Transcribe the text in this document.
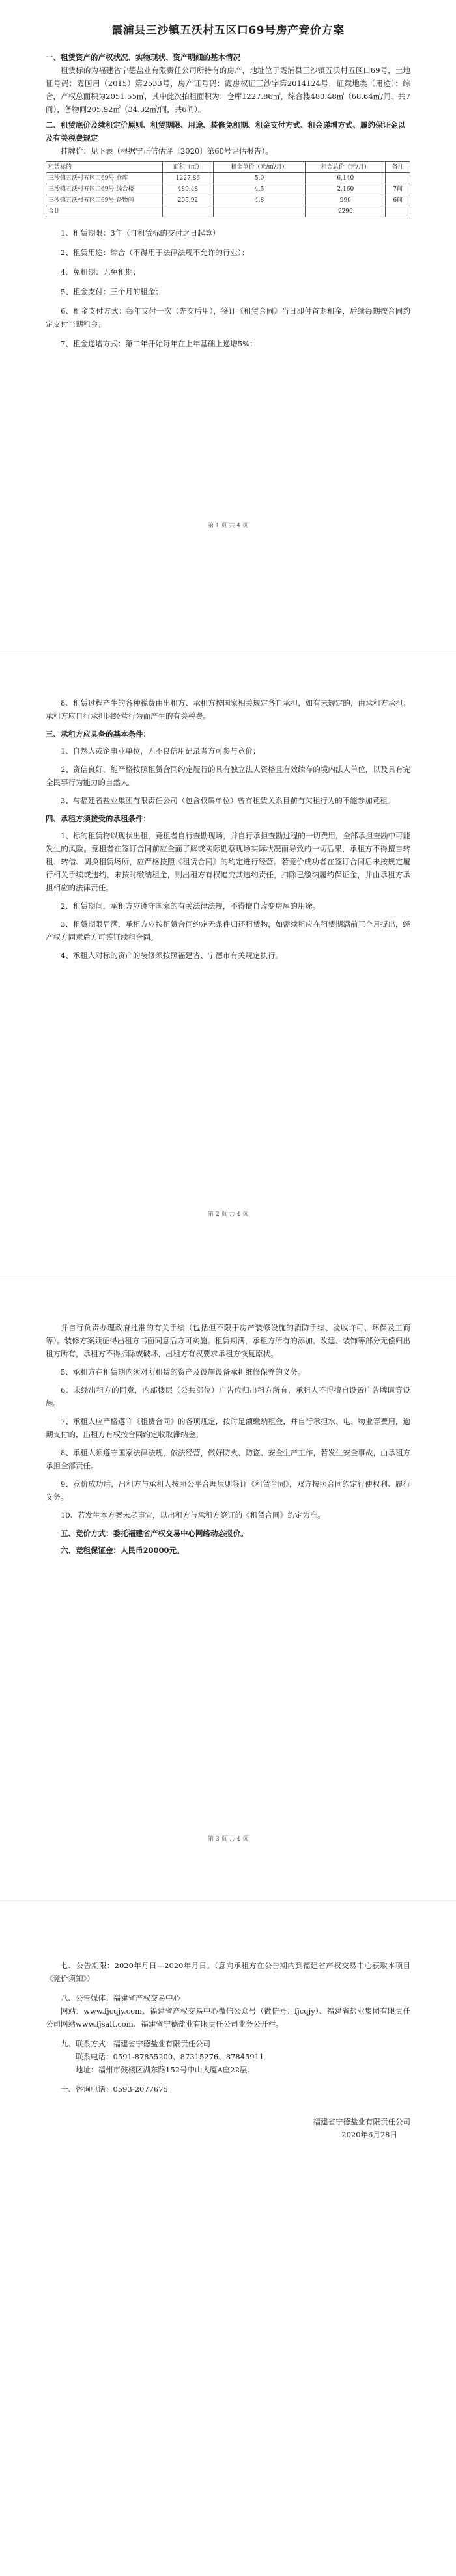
霞浦县三沙镇五沃村五区口69号房产竞价方案
一、租赁资产的产权状况、实物现状、资产明细的基本情况

租赁标的为福建省宁德盐业有限责任公司所持有的房产，地址位于霞浦县三沙镇五沃村五区口69号，土地证号码：霞国用（2015）第2533号，房产证号码：霞房权证三沙字第2014124号，证载地类（用途）：综合，产权总面积为2051.55㎡，其中此次拍租面积为：仓库1227.86㎡，综合楼480.48㎡（68.64㎡/间，共7间），备物间205.92㎡（34.32㎡/间，共6间）。

二、租赁底价及续租定价原则、租赁期限、用途、装修免租期、租金支付方式、租金递增方式、履约保证金以及有关税费规定

挂牌价：见下表（根据宁正信估评〔2020〕第60号评估报告）。

租赁标的	面积（㎡）	租金单价（元/㎡/月）	租金总价（元/月）	备注
三沙镇五沃村五区口69号-仓库	1227.86	5.0	6,140	
三沙镇五沃村五区口69号-综合楼	480.48	4.5	2,160	7间
三沙镇五沃村五区口69号-备物间	205.92	4.8	990	6间
合计			9290	

1、租赁期限：3年（自租赁标的交付之日起算）

2、租赁用途：综合（不得用于法律法规不允许的行业）；

4、免租期：无免租期；

5、租金支付：三个月的租金；

6、租金支付方式：每年支付一次（先交后用），签订《租赁合同》当日即付首期租金，后续每期按合同约定支付当期租金；

7、租金递增方式：第二年开始每年在上年基础上递增5%；

第 1 页 共 4 页

8、租赁过程产生的各种税费由出租方、承租方按国家相关规定各自承担，如有未规定的，由承租方承担；承租方应自行承担因经营行为而产生的有关税费。

三、承租方应具备的基本条件：

1、自然人或企事业单位，无不良信用记录者方可参与竞价；

2、资信良好，能严格按照租赁合同约定履行的具有独立法人资格且有效续存的境内法人单位，以及具有完全民事行为能力的自然人。

3、与福建省盐业集团有限责任公司（包含权属单位）曾有租赁关系目前有欠租行为的不能参加竞租。

四、承租方须接受的承租条件：

1、标的租赁物以现状出租，竞租者自行查勘现场，并自行承担查勘过程的一切费用，全部承担查勘中可能发生的风险。竞租者在签订合同前应全面了解或实际勘察现场实际状况而导致的一切后果，承租方不得擅自转租、转借、调换租赁场所，应严格按照《租赁合同》的约定进行经营。若竞价成功者在签订合同后未按规定履行相关手续或违约、未按时缴纳租金，则出租方有权追究其违约责任，扣除已缴纳履约保证金，并由承租方承担相应的法律责任。

2、租赁期间，承租方应遵守国家的有关法律法规，不得擅自改变房屋的用途。

3、租赁期限届满，承租方应按租赁合同约定无条件归还租赁物，如需续租应在租赁期满前三个月提出，经产权方同意后方可签订续租合同。

4、承租人对标的资产的装修须按照福建省、宁德市有关规定执行。

第 2 页 共 4 页

并自行负责办理政府批准的有关手续（包括但不限于房产装修设施的消防手续、验收许可、环保及工商等）。装修方案须征得出租方书面同意后方可实施。租赁期满，承租方所有的添加、改建、装饰等部分无偿归出租方所有，承租方不得拆除或破坏，出租方有权要求承租方恢复原状。

5、承租方在租赁期内须对所租赁的资产及设施设备承担维修保养的义务。

6、未经出租方的同意，内部楼层（公共部位）广告位归出租方所有，承租人不得擅自设置广告牌匾等设施。

7、承租人应严格遵守《租赁合同》的各项规定，按时足额缴纳租金，并自行承担水、电、物业等费用，逾期支付的，出租方有权按合同约定收取滞纳金。

8、承租人须遵守国家法律法规，依法经营，做好防火、防盗、安全生产工作，若发生安全事故，由承租方承担全部责任。

9、竞价成功后，出租方与承租人按照公平合理原则签订《租赁合同》，双方按照合同约定行使权利、履行义务。

10、若发生本方案未尽事宜，以出租方与承租方签订的《租赁合同》约定为准。

五、竞价方式：委托福建省产权交易中心网络动态报价。
六、竞租保证金：人民币20000元。
第 3 页 共 4 页

七、公告期限：2020年月日—2020年月日。（意向承租方在公告期内到福建省产权交易中心获取本项目《竞价须知》）

八、公告媒体：福建省产权交易中心

网站：www.fjcqjy.com、福建省产权交易中心微信公众号（微信号：fjcqjy）、福建省盐业集团有限责任公司网站www.fjsalt.com、福建省宁德盐业有限责任公司业务公开栏。

九、联系方式：福建省宁德盐业有限责任公司

联系电话：0591-87855200、87315276、87845911

地址：福州市鼓楼区湖东路152号中山大厦A座22层。

十、咨询电话：0593-2077675

福建省宁德盐业有限责任公司

2020年6月28日
